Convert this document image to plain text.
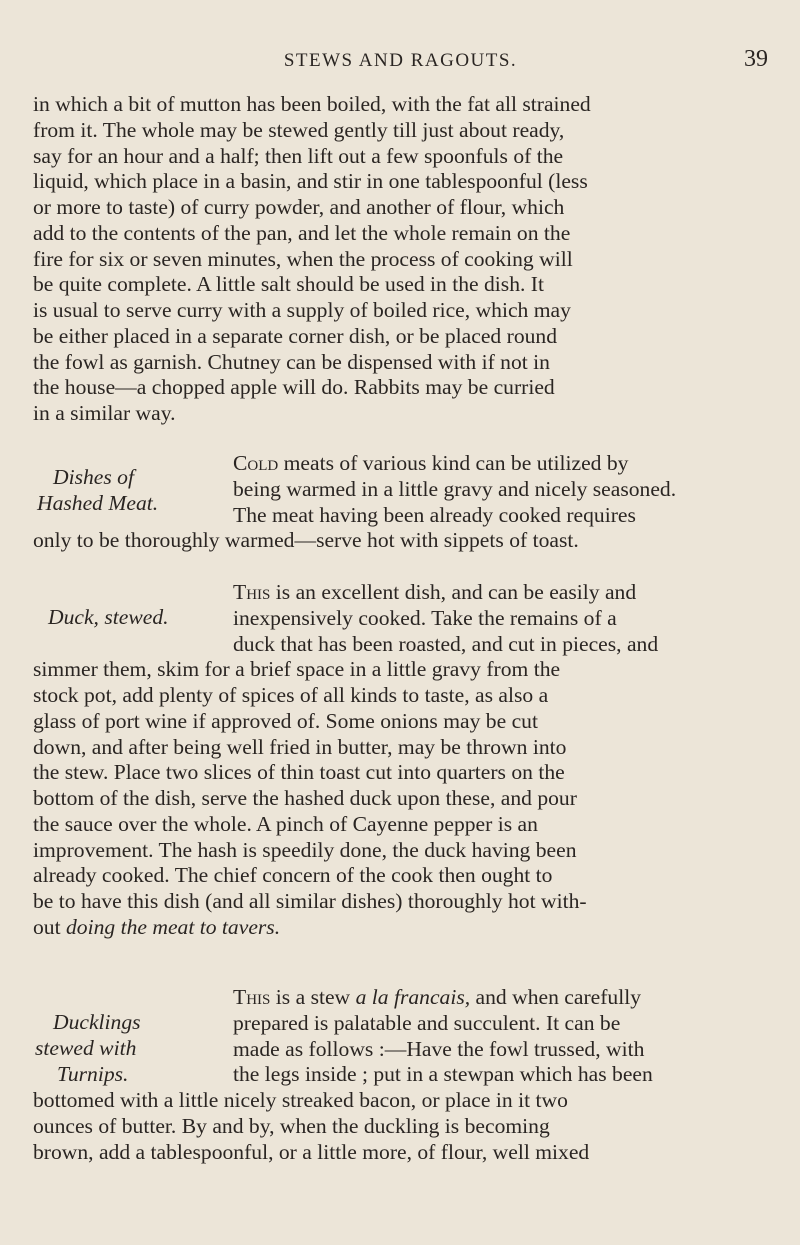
STEWS AND RAGOUTS.	39
in which a bit of mutton has been boiled, with the fat all strained
from it. The whole may be stewed gently till just about ready,
say for an hour and a half; then lift out a few spoonfuls of the
liquid, which place in a basin, and stir in one tablespoonful (less
or more to taste) of curry powder, and another of flour, which
add to the contents of the pan, and let the whole remain on the
fire for six or seven minutes, when the process of cooking will
be quite complete. A little salt should be used in the dish. It
is usual to serve curry with a supply of boiled rice, which may
be either placed in a separate corner dish, or be placed round
the fowl as garnish. Chutney can be dispensed with if not in
the house—a chopped apple will do. Rabbits may be curried
in a similar way.
Dishes of
Hashed Meat.
Cold meats of various kind can be utilized by
being warmed in a little gravy and nicely seasoned.
The meat having been already cooked requires
only to be thoroughly warmed—serve hot with sippets of toast.
Duck, stewed.
This is an excellent dish, and can be easily and
inexpensively cooked. Take the remains of a
duck that has been roasted, and cut in pieces, and
simmer them, skim for a brief space in a little gravy from the
stock pot, add plenty of spices of all kinds to taste, as also a
glass of port wine if approved of. Some onions may be cut
down, and after being well fried in butter, may be thrown into
the stew. Place two slices of thin toast cut into quarters on the
bottom of the dish, serve the hashed duck upon these, and pour
the sauce over the whole. A pinch of Cayenne pepper is an
improvement. The hash is speedily done, the duck having been
already cooked. The chief concern of the cook then ought to
be to have this dish (and all similar dishes) thoroughly hot with-
out doing the meat to tavers.
Ducklings
stewed with
Turnips.
This is a stew a la francais, and when carefully
prepared is palatable and succulent. It can be
made as follows :—Have the fowl trussed, with
the legs inside ; put in a stewpan which has been
bottomed with a little nicely streaked bacon, or place in it two
ounces of butter. By and by, when the duckling is becoming
brown, add a tablespoonful, or a little more, of flour, well mixed
